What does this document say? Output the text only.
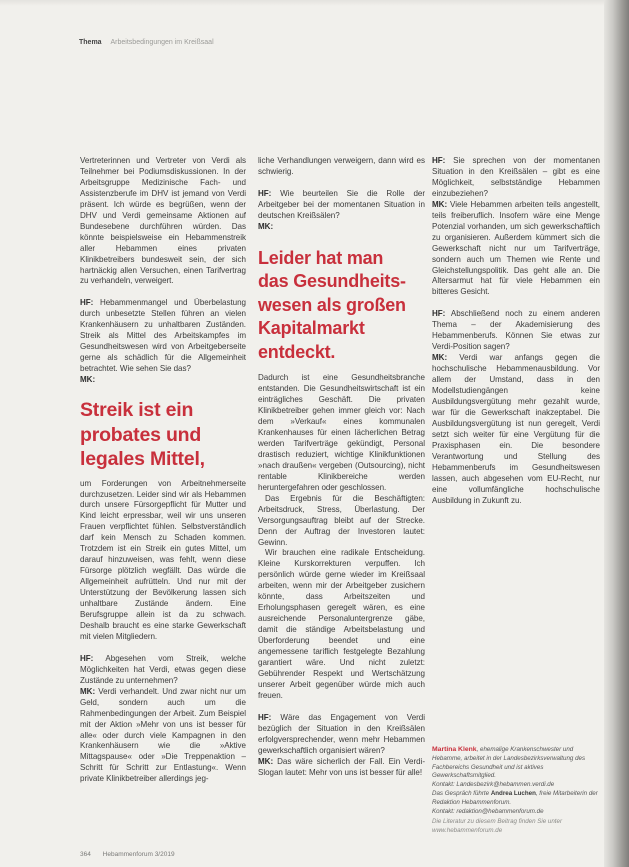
Thema Arbeitsbedingungen im Kreißsaal

Vertreterinnen und Vertreter von Verdi als Teilnehmer bei Podiumsdiskussionen. In der Arbeitsgruppe Medizinische Fach- und Assistenzberufe im DHV ist jemand von Verdi präsent. Ich würde es begrüßen, wenn der DHV und Verdi gemeinsame Aktionen auf Bundesebene durchführen würden. Das könnte beispielsweise ein Hebammenstreik aller Hebammen eines privaten Klinikbetreibers bundesweit sein, der sich hartnäckig allen Versuchen, einen Tarifvertrag zu verhandeln, verweigert.

HF: Hebammenmangel und Überbelastung durch unbesetzte Stellen führen an vielen Krankenhäusern zu unhaltbaren Zuständen. Streik als Mittel des Arbeitskampfes im Gesundheitswesen wird von Arbeitgeberseite gerne als schädlich für die Allgemeinheit betrachtet. Wie sehen Sie das?

MK:

Streik ist ein
probates und
legales Mittel,

um Forderungen von Arbeitnehmerseite durchzusetzen. Leider sind wir als Hebammen durch unsere Fürsorgepflicht für Mutter und Kind leicht erpressbar, weil wir uns unseren Frauen verpflichtet fühlen. Selbstverständlich darf kein Mensch zu Schaden kommen. Trotzdem ist ein Streik ein gutes Mittel, um darauf hinzuweisen, was fehlt, wenn diese Fürsorge plötzlich wegfällt. Das würde die Allgemeinheit aufrütteln. Und nur mit der Unterstützung der Bevölkerung lassen sich unhaltbare Zustände ändern. Eine Berufsgruppe allein ist da zu schwach. Deshalb braucht es eine starke Gewerkschaft mit vielen Mitgliedern.

HF: Abgesehen vom Streik, welche Möglichkeiten hat Verdi, etwas gegen diese Zustände zu unternehmen?

MK: Verdi verhandelt. Und zwar nicht nur um Geld, sondern auch um die Rahmenbedingungen der Arbeit. Zum Beispiel mit der Aktion »Mehr von uns ist besser für alle« oder durch viele Kampagnen in den Krankenhäusern wie die »Aktive Mittagspause« oder »Die Treppenaktion – Schritt für Schritt zur Entlastung«. Wenn private Klinikbetreiber allerdings jeg-

liche Verhandlungen verweigern, dann wird es schwierig.

HF: Wie beurteilen Sie die Rolle der Arbeitgeber bei der momentanen Situation in deutschen Kreißsälen?

MK:

Leider hat man
das Gesundheits-
wesen als großen
Kapitalmarkt
entdeckt.

Dadurch ist eine Gesundheitsbranche entstanden. Die Gesundheitswirtschaft ist ein einträgliches Geschäft. Die privaten Klinikbetreiber gehen immer gleich vor: Nach dem »Verkauf« eines kommunalen Krankenhauses für einen lächerlichen Betrag werden Tarifverträge gekündigt, Personal drastisch reduziert, wichtige Klinikfunktionen »nach draußen« vergeben (Outsourcing), nicht rentable Klinikbereiche werden heruntergefahren oder geschlossen.

Das Ergebnis für die Beschäftigten: Arbeitsdruck, Stress, Überlastung. Der Versorgungsauftrag bleibt auf der Strecke. Denn der Auftrag der Investoren lautet: Gewinn.

Wir brauchen eine radikale Entscheidung. Kleine Kurskorrekturen verpuffen. Ich persönlich würde gerne wieder im Kreißsaal arbeiten, wenn mir der Arbeitgeber zusichern könnte, dass Arbeitszeiten und Erholungsphasen geregelt wären, es eine ausreichende Personaluntergrenze gäbe, damit die ständige Arbeitsbelastung und Überforderung beendet und eine angemessene tariflich festgelegte Bezahlung garantiert wäre. Und nicht zuletzt: Gebührender Respekt und Wertschätzung unserer Arbeit gegenüber würde mich auch freuen.

HF: Wäre das Engagement von Verdi bezüglich der Situation in den Kreißsälen erfolgversprechender, wenn mehr Hebammen gewerkschaftlich organisiert wären?

MK: Das wäre sicherlich der Fall. Ein Verdi-Slogan lautet: Mehr von uns ist besser für alle!

HF: Sie sprechen von der momentanen Situation in den Kreißsälen – gibt es eine Möglichkeit, selbstständige Hebammen einzubeziehen?

MK: Viele Hebammen arbeiten teils angestellt, teils freiberuflich. Insofern wäre eine Menge Potenzial vorhanden, um sich gewerkschaftlich zu organisieren. Außerdem kümmert sich die Gewerkschaft nicht nur um Tarifverträge, sondern auch um Themen wie Rente und Gleichstellungspolitik. Das geht alle an. Die Altersarmut hat für viele Hebammen ein bitteres Gesicht.

HF: Abschließend noch zu einem anderen Thema – der Akademisierung des Hebammenberufs. Können Sie etwas zur Verdi-Position sagen?

MK: Verdi war anfangs gegen die hochschulische Hebammenausbildung. Vor allem der Umstand, dass in den Modellstudiengängen keine Ausbildungsvergütung mehr gezahlt wurde, war für die Gewerkschaft inakzeptabel. Die Ausbildungsvergütung ist nun geregelt, Verdi setzt sich weiter für eine Vergütung für die Praxisphasen ein. Die besondere Verantwortung und Stellung des Hebammenberufs im Gesundheitswesen lassen, auch abgesehen vom EU-Recht, nur eine vollumfängliche hochschulische Ausbildung in Zukunft zu.

Martina Klenk, ehemalige Krankenschwester und Hebamme, arbeitet in der Landesbezirksverwaltung des Fachbereichs Gesundheit und ist aktives Gewerkschaftsmitglied.

Kontakt: Landesbezirk@hebammen.verdi.de

Das Gespräch führte Andrea Luchen, freie Mitarbeiterin der Redaktion Hebammenforum.

Kontakt: redaktion@hebammenforum.de

Die Literatur zu diesem Beitrag finden Sie unter www.hebammenforum.de

364 Hebammenforum 3/2019
